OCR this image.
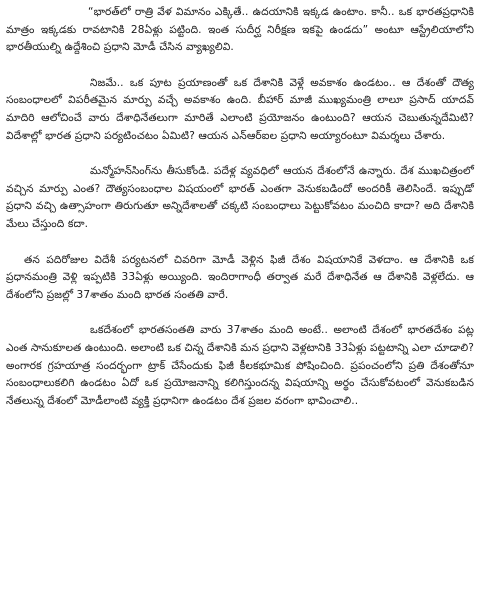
“భారత్‌లో రాత్రి వేళ విమానం ఎక్కితే.. ఉదయానికి ఇక్కడ ఉంటాం. కానీ.. ఒక భారతప్రధానికి మాత్రం ఇక్కడకు రావటానికి 28ఏళ్లు పట్టింది. ఇంత సుదీర్ఘ నిరీక్షణ ఇకపై ఉండదు” అంటూ ఆస్ట్రేలియాలోని భారతీయుల్ని ఉద్దేశించి ప్రధాని మోడీ చేసిన వ్యాఖ్యలివి.

నిజమే.. ఒక పూట ప్రయాణంతో ఒక దేశానికి వెళ్లే అవకాశం ఉండటం.. ఆ దేశంతో దౌత్య సంబంధాలలో విపరీతమైన మార్పు వచ్చే అవకాశం ఉంది. బీహార్ మాజీ ముఖ్యమంత్రి లాలూ ప్రసాద్ యాదవ్ మాదిరి ఆలోచించే వారు దేశాధినేతలుగా మారితే ఎలాంటి ప్రయోజనం ఉంటుంది? ఆయన చెబుతున్నదేమిటి? విదేశాల్లో భారత ప్రధాని పర్యటించటం ఏమిటి? ఆయన ఎన్ఆర్ఐల ప్రధాని అయ్యారంటూ విమర్శలు చేశారు.

మన్మోహన్‌సింగ్‌ను తీసుకోండి. పదేళ్ల వ్యవధిలో ఆయన దేశంలోనే ఉన్నారు. దేశ ముఖచిత్రంలో వచ్చిన మార్పు ఎంత? దౌత్యసంబంధాల విషయంలో భారత్ ఎంతగా వెనుకబడిందో అందరికీ తెలిసిందే. ఇప్పుడో ప్రధాని వచ్చి ఉత్సాహంగా తిరుగుతూ అన్నిదేశాలతో చక్కటి సంబంధాలు పెట్టుకోవటం మంచిది కాదా? అది దేశానికి మేలు చేస్తుంది కదా.

తన పదిరోజుల విదేశీ పర్యటనలో చివరిగా మోడీ వెళ్లిన ఫిజీ దేశం విషయానికే వెళదాం. ఆ దేశానికి ఒక ప్రధానమంత్రి వెళ్లి ఇప్పటికి 33ఏళ్లు అయ్యింది. ఇందిరాగాంధీ తర్వాత మరే దేశాధినేత ఆ దేశానికి వెళ్లలేదు. ఆ దేశంలోని ప్రజల్లో 37శాతం మంది భారత సంతతి వారే.

ఒకదేశంలో భారతసంతతి వారు 37శాతం మంది అంటే.. అలాంటి దేశంలో భారతదేశం పట్ల ఎంత సానుకూలత ఉంటుంది. అలాంటి ఒక చిన్న దేశానికి మన ప్రధాని వెళ్లటానికి 33ఏళ్లు పట్టటాన్ని ఎలా చూడాలి? అంగారక గ్రహయాత్ర సందర్భంగా ట్రాక్ చేసేందుకు ఫిజీ కీలకభూమిక పోషించింది. ప్రపంచంలోని ప్రతి దేశంతోనూ సంబంధాలుకలిగి ఉండటం ఏదో ఒక ప్రయోజనాన్ని కలిగిస్తుందన్న విషయాన్ని అర్థం చేసుకోవటంలో వెనుకబడిన నేతలున్న దేశంలో మోడీలాంటి వ్యక్తి ప్రధానిగా ఉండటం దేశ ప్రజల వరంగా భావించాలి..
